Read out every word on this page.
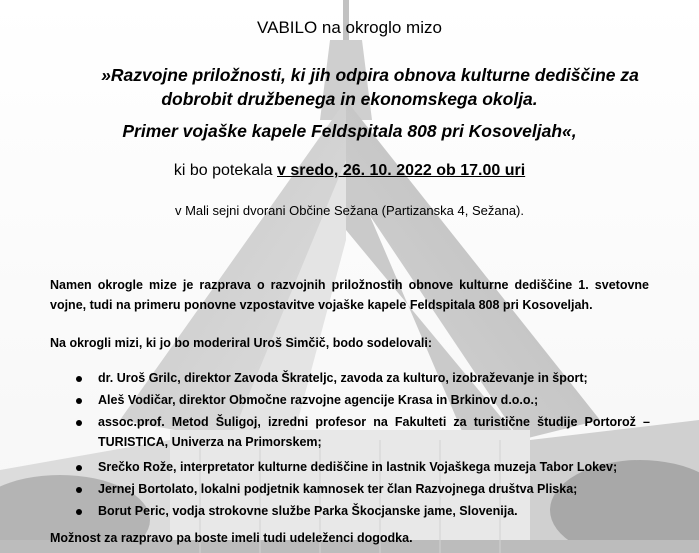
VABILO na okroglo mizo
»Razvojne priložnosti, ki jih odpira obnova kulturne dediščine za
dobrobit družbenega in ekonomskega okolja.
Primer vojaške kapele Feldspitala 808 pri Kosoveljah«,
ki bo potekala v sredo, 26. 10. 2022 ob 17.00 uri
v Mali sejni dvorani Občine Sežana (Partizanska 4, Sežana).

Namen okrogle mize je razprava o razvojnih priložnostih obnove kulturne dediščine 1. svetovne vojne, tudi na primeru ponovne vzpostavitve vojaške kapele Feldspitala 808 pri Kosoveljah.

Na okrogli mizi, ki jo bo moderiral Uroš Simčič, bodo sodelovali:

dr. Uroš Grilc, direktor Zavoda Škrateljc, zavoda za kulturo, izobraževanje in šport;
Aleš Vodičar, direktor Območne razvojne agencije Krasa in Brkinov d.o.o.;
assoc.prof. Metod Šuligoj, izredni profesor na Fakulteti za turistične študije Portorož – TURISTICA, Univerza na Primorskem;
Srečko Rože, interpretator kulturne dediščine in lastnik Vojaškega muzeja Tabor Lokev;
Jernej Bortolato, lokalni podjetnik kamnosek ter član Razvojnega društva Pliska;
Borut Peric, vodja strokovne službe Parka Škocjanske jame, Slovenija.

Možnost za razpravo pa boste imeli tudi udeleženci dogodka.
